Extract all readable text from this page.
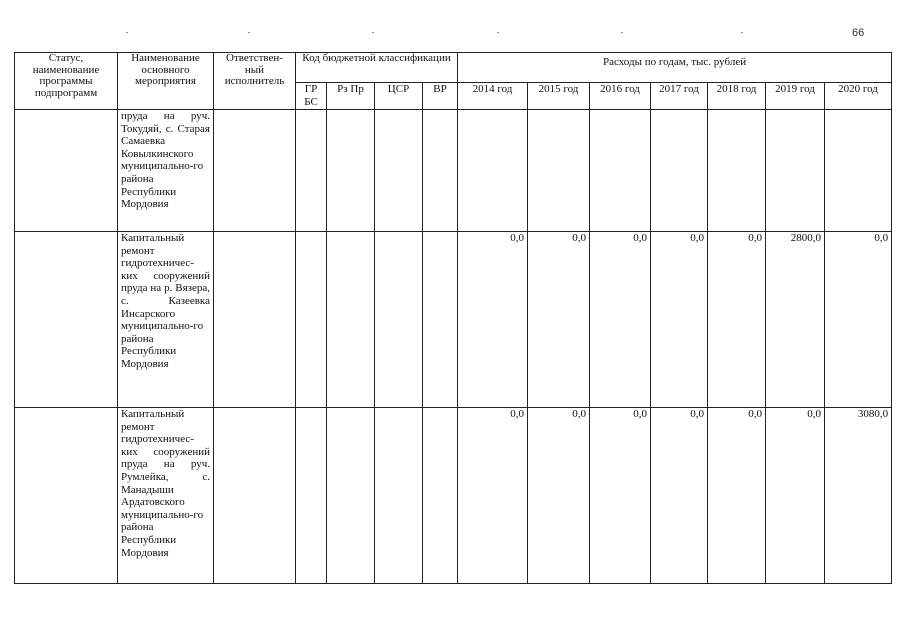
66
Статус, наименование программы подпрограмм	Наименование основного мероприятия	Ответствен-ный исполнитель	Код бюджетной классификации				Расходы по годам, тыс. рублей						
			ГР БС	Рз Пр	ЦСР	ВР	2014 год	2015 год	2016 год	2017 год	2018 год	2019 год	2020 год
	пруда на руч. Токудяй, с. Старая Самаевка Ковылкинского муниципально-го района Республики Мордовия												
	Капитальный ремонт гидротехничес-ких сооружений пруда на р. Вязера, с. Казеевка Инсарского муниципально-го района Республики Мордовия						0,0	0,0	0,0	0,0	0,0	2800,0	0,0
	Капитальный ремонт гидротехничес-ких сооружений пруда на руч. Румлейка, с. Манадыши Ардатовского муниципально-го района Республики Мордовия						0,0	0,0	0,0	0,0	0,0	0,0	3080,0
